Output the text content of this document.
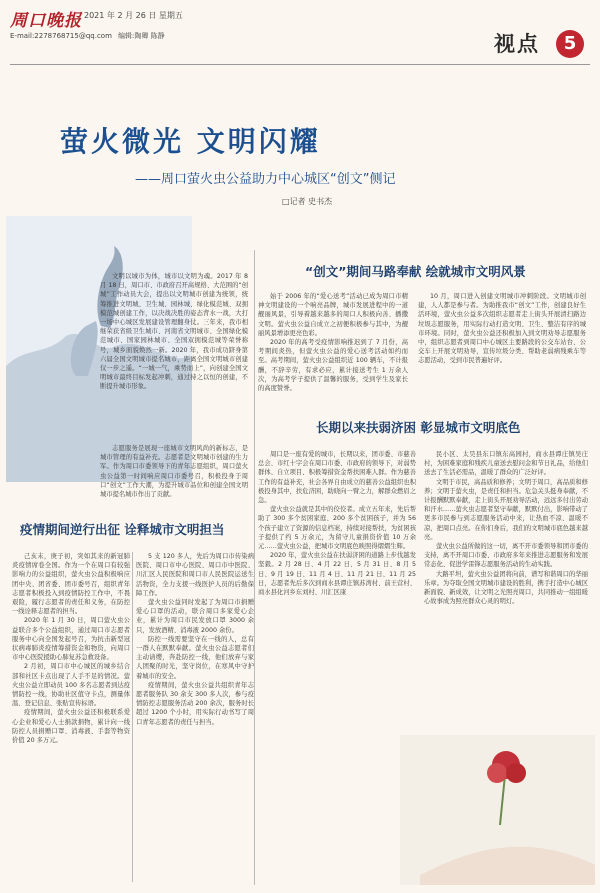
周口晚报 2021 年 2 月 26 日 星期五
E-mail:227876871​5@qq.com 编辑:陶卿 陈静	视点	5
萤火微光 文明闪耀
——周口萤火虫公益助力中心城区“创文”侧记
□记者 史书杰

文明以城市为体，城市以文明为魂。2017 年 8 月 18 日，周口市、市政府召开高规格、大范围的“创城”工作动员大会，提出以文明城市创建为统领，统筹推进文明城、卫生城、园林城、绿化模范城、双拥模范城创建工作，以决战决胜的姿态背水一战，大打一场中心城区发展建设管理翻身仗。三年来，我市相继荣获省级卫生城市、河南省文明城市、全国绿化模范城市、国家园林城市、全国双拥模范城等荣誉称号，城乡面貌焕然一新。2020 年，我市成功跻身第六届全国文明城市提名城市，距离全国文明城市创建仅一步之遥。“一城一气，乘势而上”，向创建全国文明城市最终目标发起冲刺，通过持之以恒的创建，不断提升城市形象。

志愿服务是展现一座城市文明风尚的新标志，是城市管理的有益补充。志愿者是文明城市创建的生力军。作为周口市委领导下的青年志愿组织，周口萤火虫公益第一时间响应周口市委号召，积极投身于周口“创文”工作大潮，为提升城市品位和创建全国文明城市提名城市作出了贡献。

“创文”期间马路奉献 绘就城市文明风景

始于 2006 年的“爱心送考”活动已成为周口市精神文明建设的一个响亮品牌，城市发展进程中的一道靓丽风景，引导着越来越多的周口人积极向善、播撒文明。萤火虫公益自成立之初便积极参与其中，为靓丽风景增添更亮色彩。

2020 年的高考受疫情影响推迟到了 7 月份，高考期间炎热，但萤火虫公益的爱心送考活动如约而至。高考期间，萤火虫公益组织近 100 辆车，不计报酬，不辞辛劳，有求必应，累计接送考生 1 万余人次，为高考学子提供了温馨的服务，受到学生及家长的高度赞誉。

10 月，周口进入创建文明城市冲刺阶段。文明城市创建，人人都是参与者。为助推我市“创文”工作，创建良好生活环境，萤火虫公益多次组织志愿者走上街头开展清扫路边垃圾志愿服务，用实际行动打造文明、卫生、整洁有序的城市环境。同时，萤火虫公益还积极加入到文明劝导志愿服务中，组织志愿者到周口中心城区主要路段的公交车站台、公交车上开展文明劝导，宣传垃圾分类、帮助老弱病残乘车等志愿活动，受到市民普遍好评。

长期以来扶弱济困 彰显城市文明底色

周口是一座有爱的城市，长期以来，团市委、市慈善总会、市红十字会在周口市委、市政府的领导下，对弱势群体、自立项目、积极筹措资金帮扶困难人群。作为慈善工作的有益补充，社会各界自由成立的慈善公益组织也积极投身其中，扶危济困，助晓向一臂之力，解群众燃眉之急。

萤火虫公益就是其中的佼佼者。成立五年来，先后帮助了 300 多个贫困家庭、200 多个贫困孩子，并为 56 个孩子建立了资源的信息档案，持续对接帮扶，为贫困孩子提供了约 5 万余元，为留守儿童捐资价值 10 万余元……萤火虫公益，把城市文明底色映照得熠熠生辉。

2020 年，萤火虫公益在扶弱济困的道路上步伐越发坚毅。2 月 28 日、4 月 22 日、5 月 31 日、8 月 5 日、9 月 19 日、11 月 4 日、11 月 21 日、11 月 25 日，志愿者先后多次到商水县谭庄镇苏湾村、前王营村、商水县化河乡东刘村、川汇区康

民小区、太昊县东口镇东高园村，商水县谭庄镇吴庄村，为困难家庭和残疾儿童送去慰问金和节日礼品，给他们送去了生活必需品，温暖了群众的广泛好评。

文明于市民，高品质和修养；文明于周口，高品质和修养；文明于萤火虫，是责任和担当。危急关头挺身奉献，不计报酬默默奉献，走上街头开展劝导活动，远远多付出劳动和汗水……萤火虫志愿者坚守奉献，默默付出，影响带动了更多市民参与到志愿服务活动中来，让热血不凉、温暖不凉，把周口点亮。在你们身后，我们的文明城市底色越来越亮。

萤火虫公益所做的这一切，离不开市委领导和团市委的支持，离不开周口市委、市政府多年来推进志愿服务和发展常态化、促进学雷锋志愿服务活动的生动实践。

大路平坦，萤火虫公益团将向前，谱写和谐周口的华丽乐章。为夺取全国文明城市建设的胜利，携手打造中心城区新面貌、新成效，让文明之光照亮周口，共同推动一组组暖心故事成为照亮群众心灵的明灯。

疫情期间逆行出征 诠释城市文明担当

己亥末，庚子初，突如其来的新冠肺炎疫情席卷全国。作为一个在周口有较强影响力的公益组织，萤火虫公益积极响应团中央、团省委、团市委号召，组织青年志愿者积极投入到疫情防控工作中，不畏艰险，履行志愿者的责任和义务，在防控一线诠释志愿者的担当。

2020 年 1 月 30 日，周口萤火虫公益联合多个公益组织，通过周口市志愿者服务中心向全国发起号召，为抗击新型冠状病毒肺炎疫情筹措资金和物资，向周口市中心医院援助心肺复苏急救设备。

2 月初，周口市中心城区的城乡结合部和社区卡点出现了人手不足的情况。萤火虫公益立即动员 100 多名志愿者到达疫情防控一线，协助社区值守卡点，测量体温、登记信息、张贴宣传标语。

疫情期间，萤火虫公益还积极联系爱心企业和爱心人士捐款捐物，累计向一线防控人员捐赠口罩、消毒液、手套等物资价值 20 多万元。

5 支 120 多人，先后为周口市传染病医院、周口市中心医院、周口市中医院、川汇区人民医院和周口市人民医院运送生活物资，全力支援一线医护人员的后勤保障工作。

萤火虫公益同时发起了为周口市捐赠爱心口罩的活动，联合周口多家爱心企业，累计为周口市民发放口罩 3000 余只，发放酒精、消毒液 2000 余份。

防控一线需要坚守在一线的人，总有一群人在默默奉献。萤火虫公益志愿者们主动请缨，奔赴防控一线，他们放弃与家人团聚的时光，坚守岗位，在寒风中守护着城市的安全。

疫情期间，萤火虫公益共组织青年志愿者服务队 30 余支 300 多人次，参与疫情防控志愿服务活动 200 余次，服务时长超过 1200 个小时，用实际行动书写了周口青年志愿者的责任与担当。
